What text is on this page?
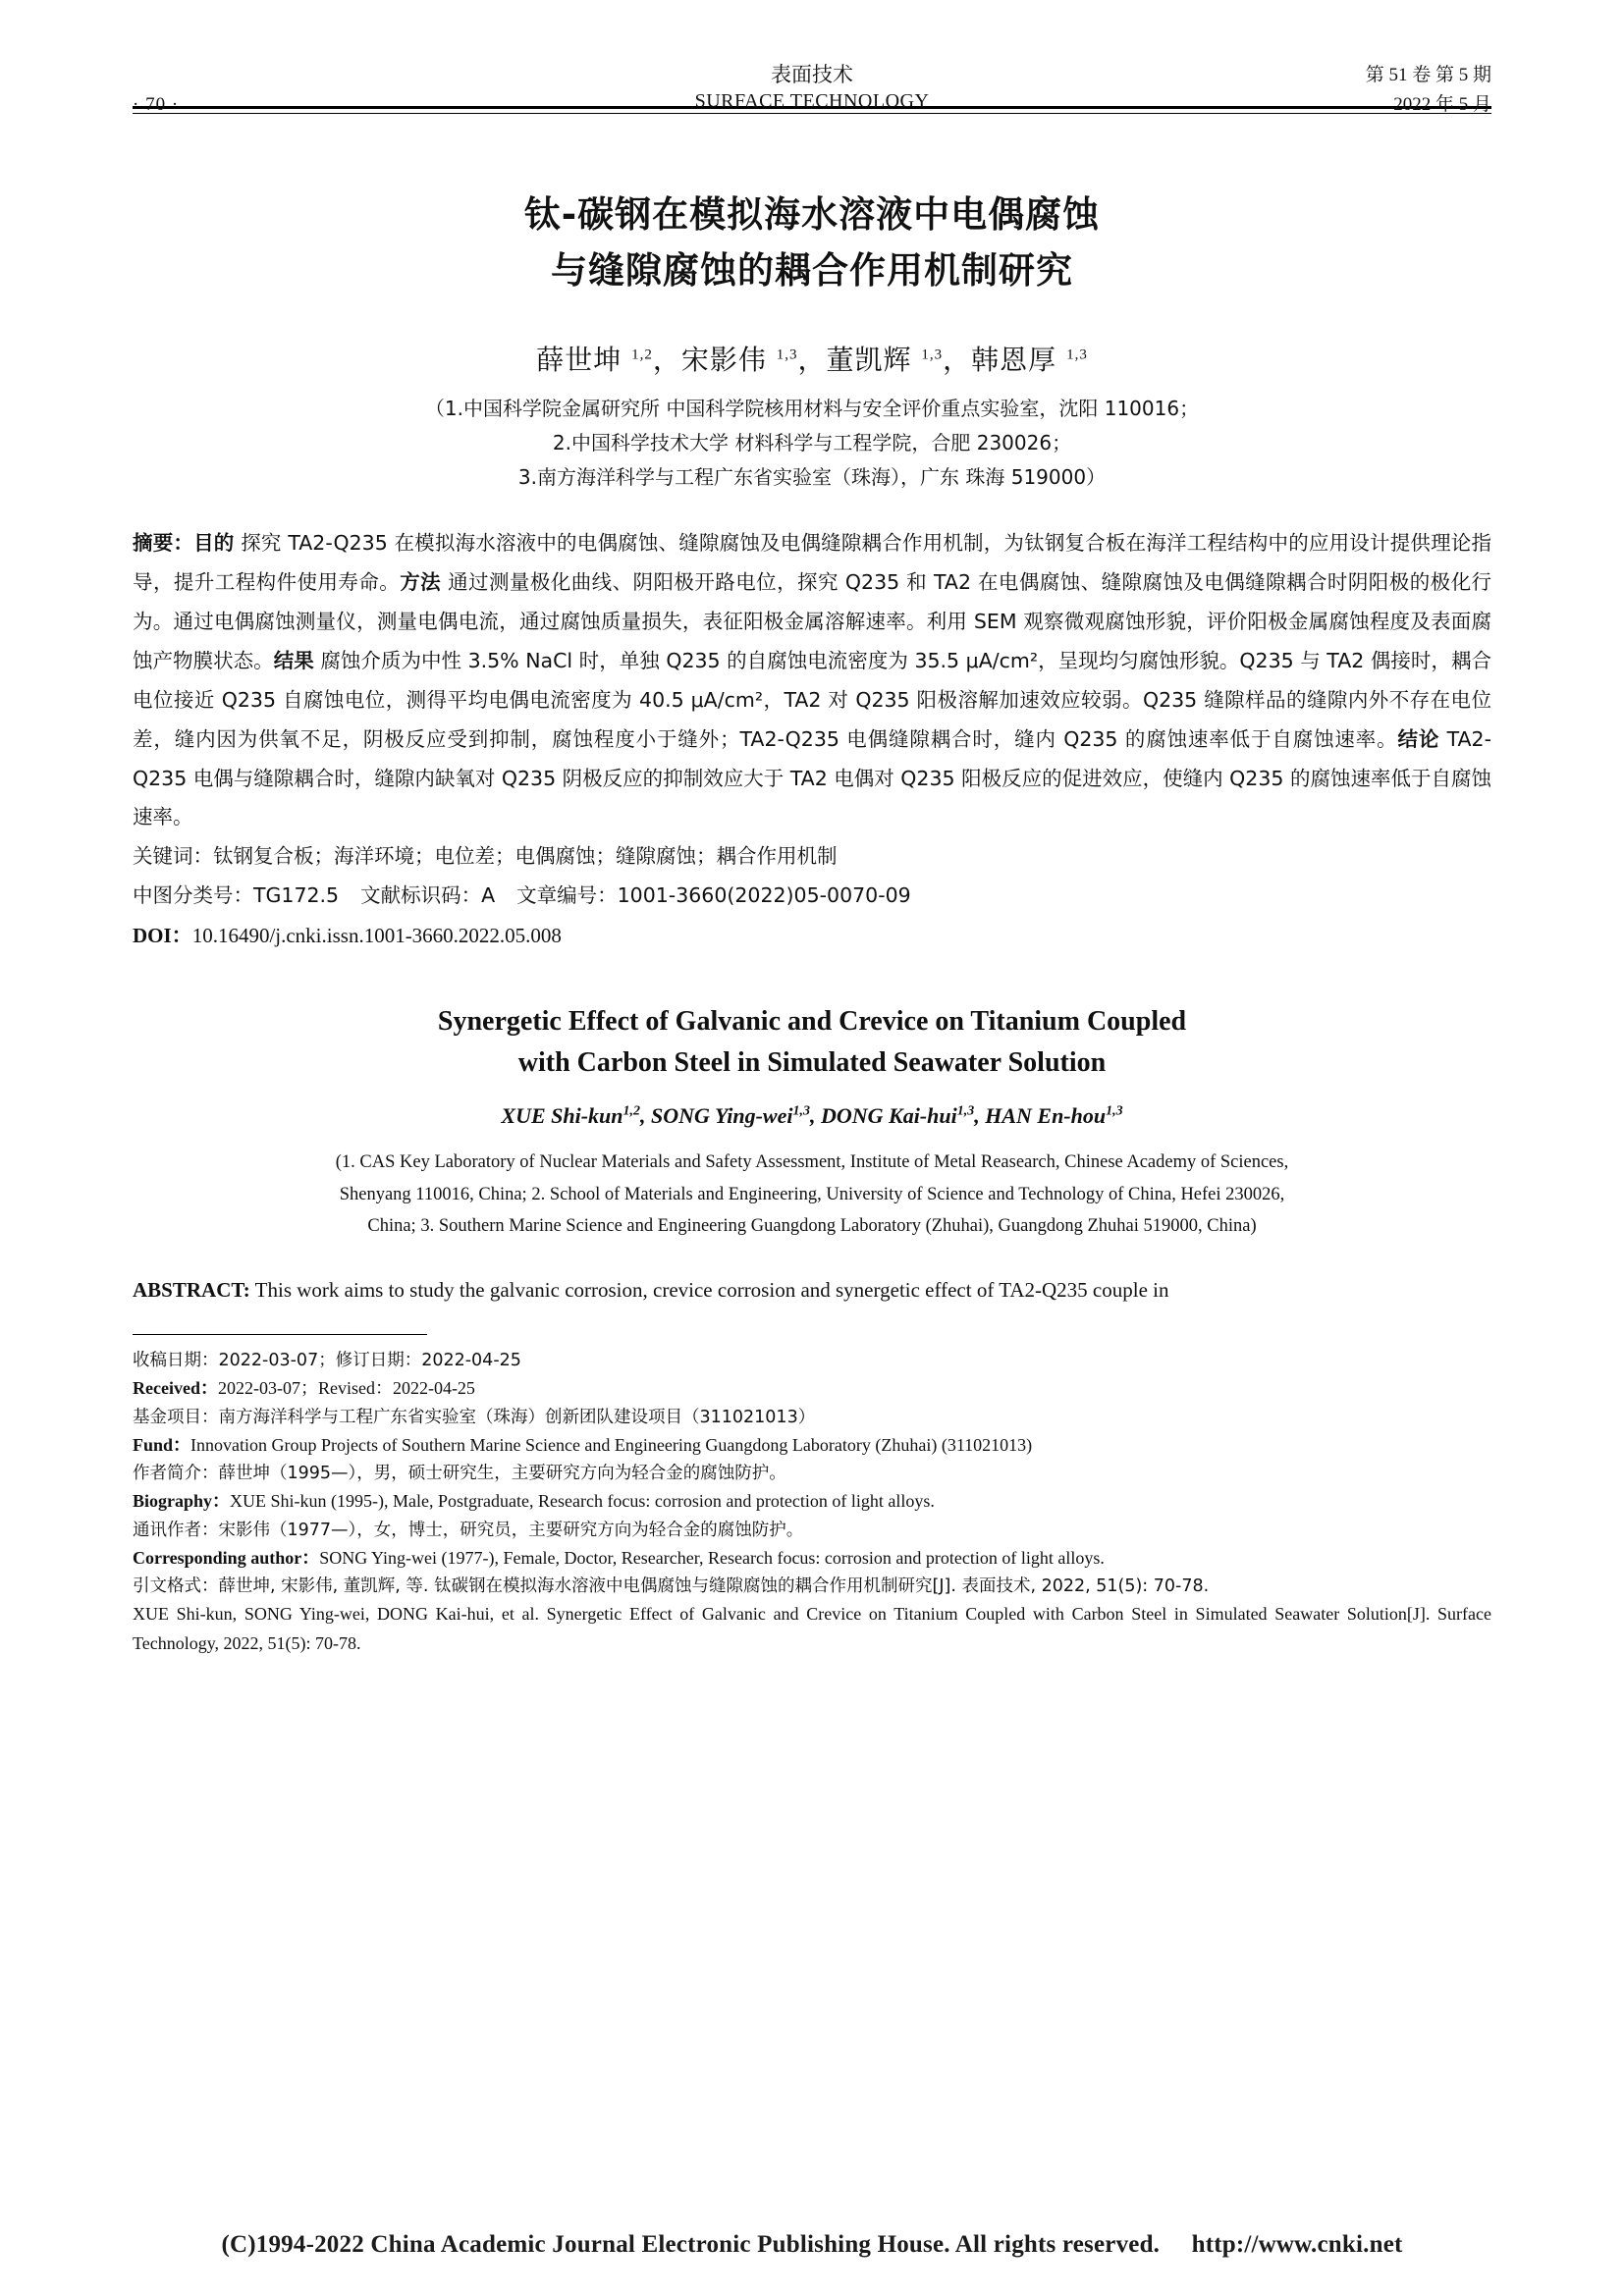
· 70 ·
表面技术
SURFACE TECHNOLOGY
第 51 卷 第 5 期
2022 年 5 月
钛-碳钢在模拟海水溶液中电偶腐蚀
与缝隙腐蚀的耦合作用机制研究
薛世坤 $^{1,2}$，宋影伟 $^{1,3}$，董凯辉 $^{1,3}$，韩恩厚 $^{1,3}$
（1.中国科学院金属研究所 中国科学院核用材料与安全评价重点实验室，沈阳 110016；
2.中国科学技术大学 材料科学与工程学院，合肥 230026；
3.南方海洋科学与工程广东省实验室（珠海），广东 珠海 519000）
摘要：目的 探究 TA2-Q235 在模拟海水溶液中的电偶腐蚀、缝隙腐蚀及电偶缝隙耦合作用机制，为钛钢复合板在海洋工程结构中的应用设计提供理论指导，提升工程构件使用寿命。方法 通过测量极化曲线、阴阳极开路电位，探究 Q235 和 TA2 在电偶腐蚀、缝隙腐蚀及电偶缝隙耦合时阴阳极的极化行为。通过电偶腐蚀测量仪，测量电偶电流，通过腐蚀质量损失，表征阳极金属溶解速率。利用 SEM 观察微观腐蚀形貌，评价阳极金属腐蚀程度及表面腐蚀产物膜状态。结果 腐蚀介质为中性 3.5% NaCl 时，单独 Q235 的自腐蚀电流密度为 35.5 μA/cm²，呈现均匀腐蚀形貌。Q235 与 TA2 偶接时，耦合电位接近 Q235 自腐蚀电位，测得平均电偶电流密度为 40.5 μA/cm²，TA2 对 Q235 阳极溶解加速效应较弱。Q235 缝隙样品的缝隙内外不存在电位差，缝内因为供氧不足，阴极反应受到抑制，腐蚀程度小于缝外；TA2-Q235 电偶缝隙耦合时，缝内 Q235 的腐蚀速率低于自腐蚀速率。结论 TA2-Q235 电偶与缝隙耦合时，缝隙内缺氧对 Q235 阴极反应的抑制效应大于 TA2 电偶对 Q235 阳极反应的促进效应，使缝内 Q235 的腐蚀速率低于自腐蚀速率。
关键词：钛钢复合板；海洋环境；电位差；电偶腐蚀；缝隙腐蚀；耦合作用机制
中图分类号：TG172.5 文献标识码：A 文章编号：1001-3660(2022)05-0070-09
DOI：10.16490/j.cnki.issn.1001-3660.2022.05.008
Synergetic Effect of Galvanic and Crevice on Titanium Coupled
with Carbon Steel in Simulated Seawater Solution
XUE Shi-kun$^{1,2}$, SONG Ying-wei$^{1,3}$, DONG Kai-hui$^{1,3}$, HAN En-hou$^{1,3}$
(1. CAS Key Laboratory of Nuclear Materials and Safety Assessment, Institute of Metal Reasearch, Chinese Academy of Sciences,
Shenyang 110016, China; 2. School of Materials and Engineering, University of Science and Technology of China, Hefei 230026,
China; 3. Southern Marine Science and Engineering Guangdong Laboratory (Zhuhai), Guangdong Zhuhai 519000, China)
ABSTRACT: This work aims to study the galvanic corrosion, crevice corrosion and synergetic effect of TA2-Q235 couple in
收稿日期：2022-03-07；修订日期：2022-04-25
Received：2022-03-07；Revised：2022-04-25
基金项目：南方海洋科学与工程广东省实验室（珠海）创新团队建设项目（311021013）
Fund：Innovation Group Projects of Southern Marine Science and Engineering Guangdong Laboratory (Zhuhai) (311021013)
作者简介：薛世坤（1995—），男，硕士研究生，主要研究方向为轻合金的腐蚀防护。
Biography：XUE Shi-kun (1995-), Male, Postgraduate, Research focus: corrosion and protection of light alloys.
通讯作者：宋影伟（1977—），女，博士，研究员，主要研究方向为轻合金的腐蚀防护。
Corresponding author：SONG Ying-wei (1977-), Female, Doctor, Researcher, Research focus: corrosion and protection of light alloys.
引文格式：薛世坤, 宋影伟, 董凯辉, 等. 钛碳钢在模拟海水溶液中电偶腐蚀与缝隙腐蚀的耦合作用机制研究[J]. 表面技术, 2022, 51(5): 70-78.
XUE Shi-kun, SONG Ying-wei, DONG Kai-hui, et al. Synergetic Effect of Galvanic and Crevice on Titanium Coupled with Carbon Steel in Simulated Seawater Solution[J]. Surface Technology, 2022, 51(5): 70-78.
(C)1994-2022 China Academic Journal Electronic Publishing House. All rights reserved. http://www.cnki.net
